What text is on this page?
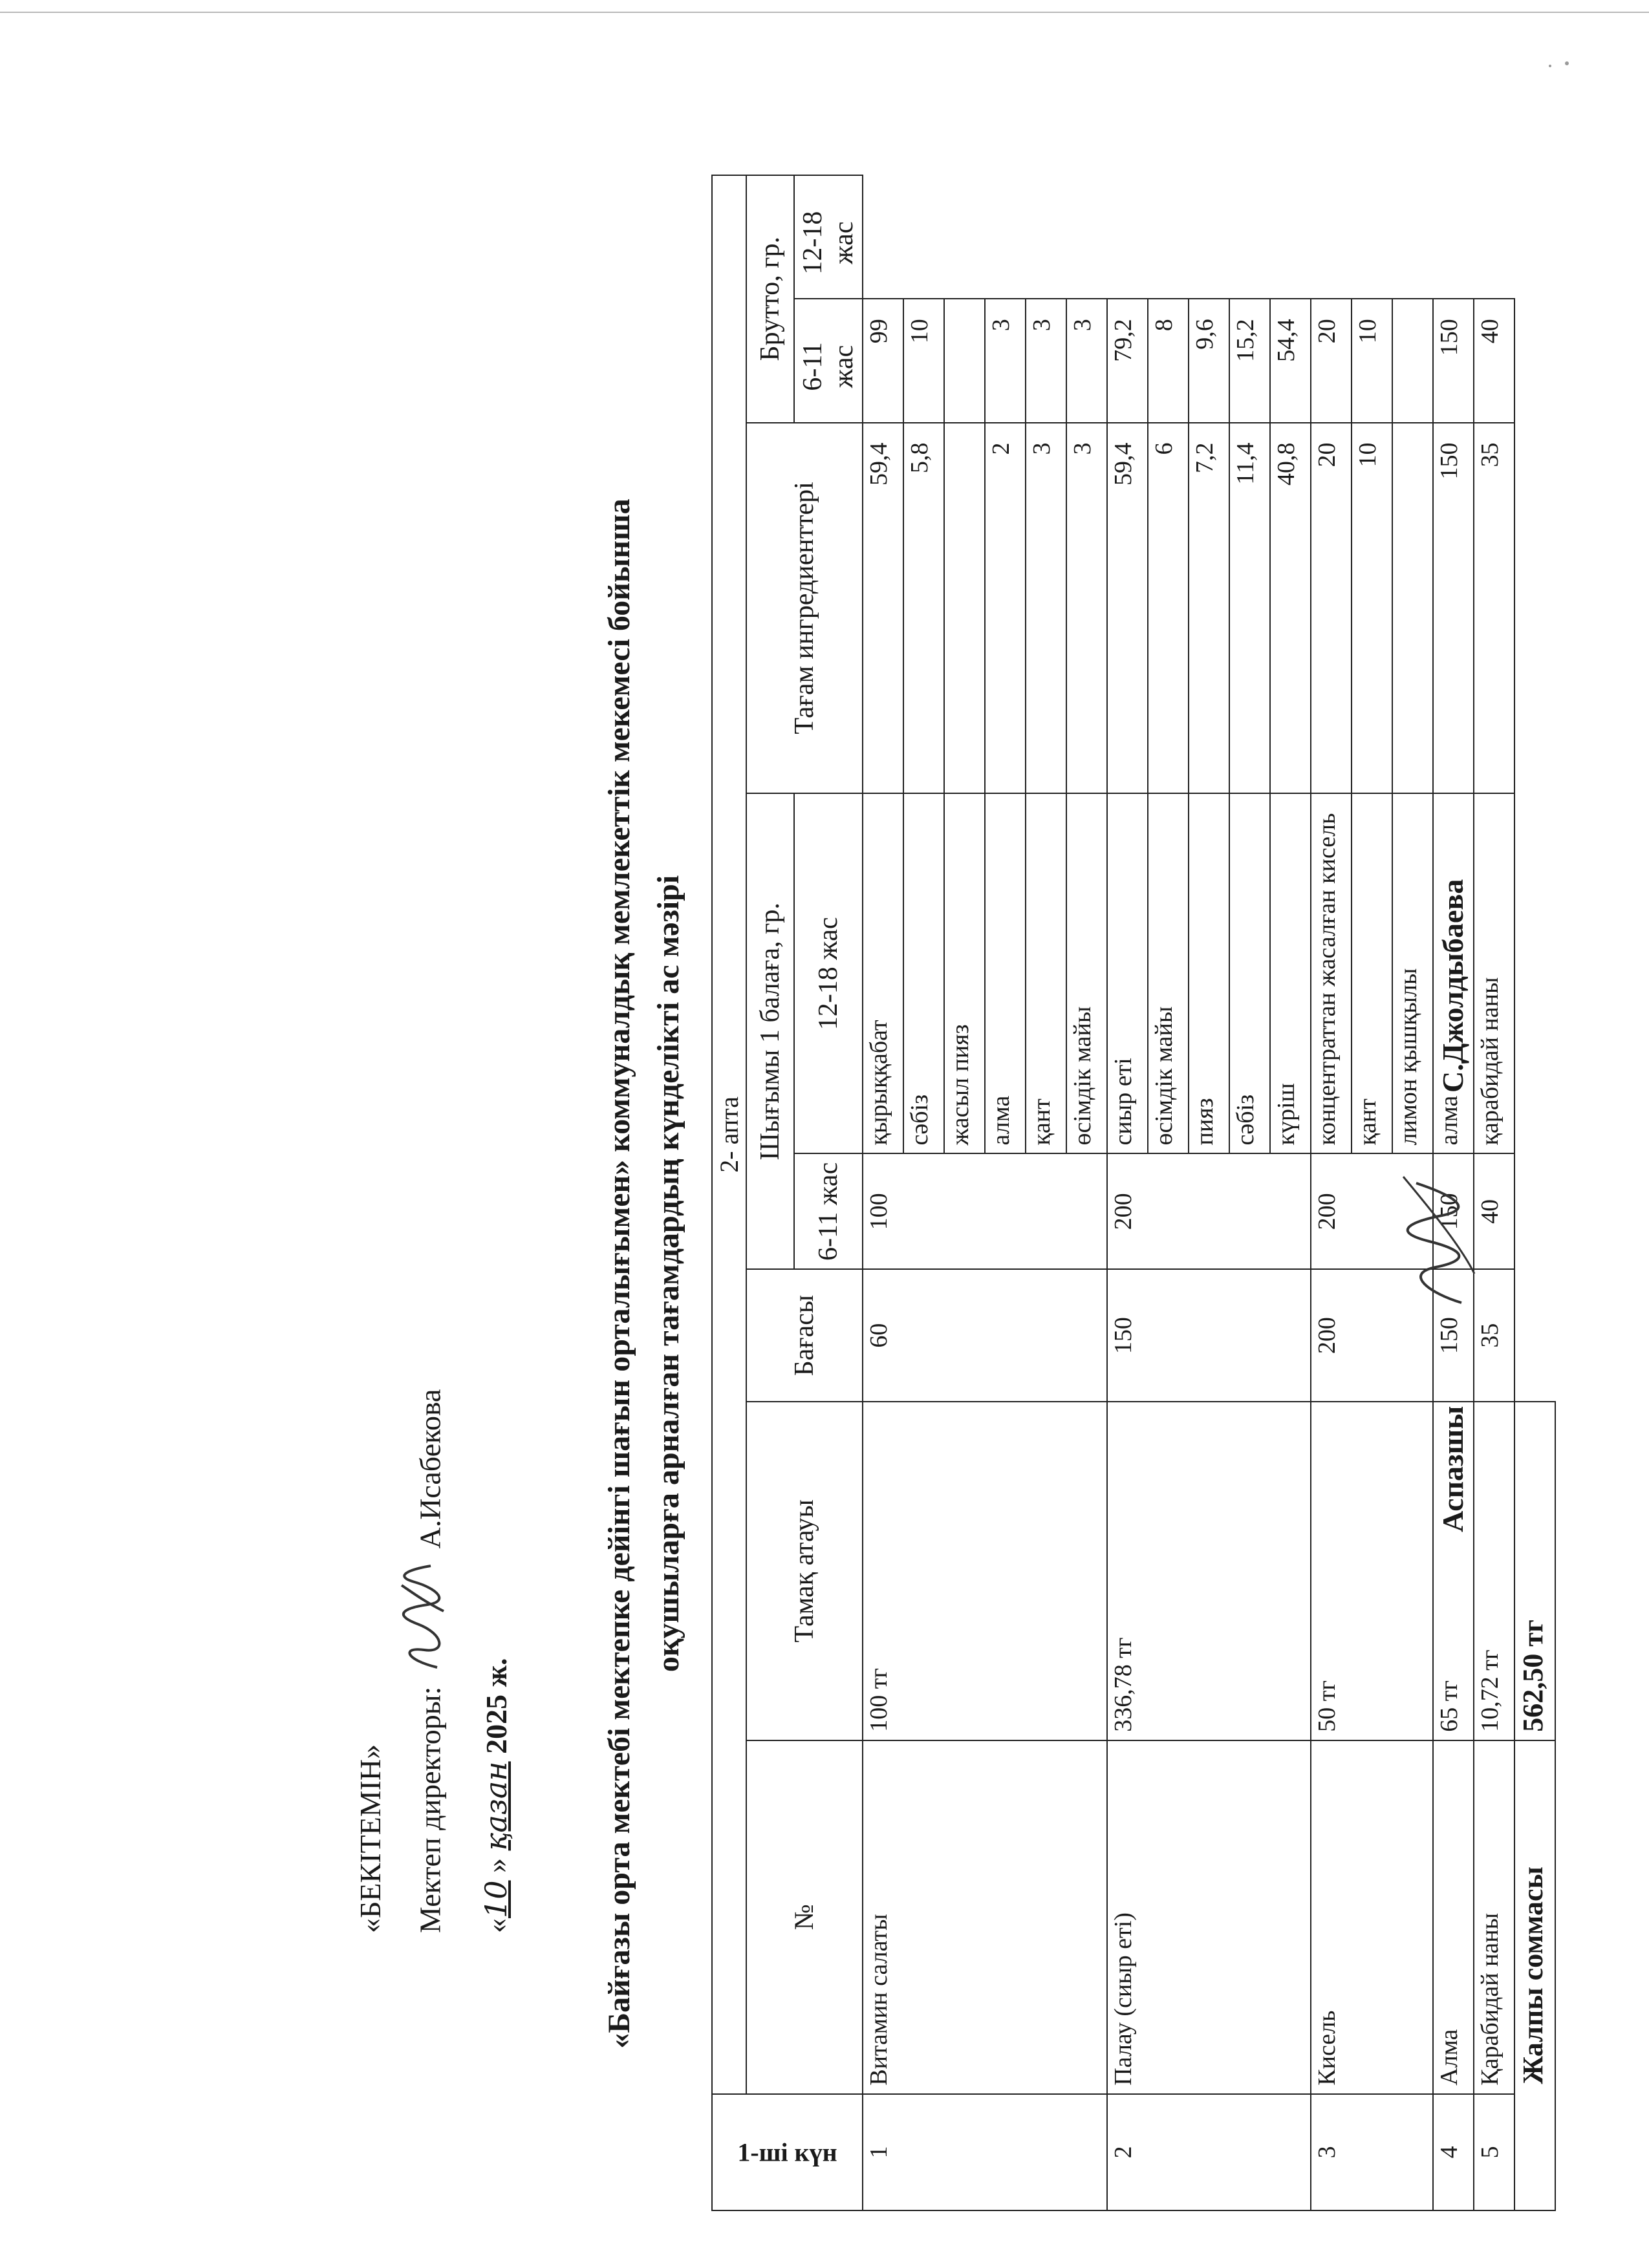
«БЕКІТЕМІН» Мектеп директоры:  А.Исабекова
«10 » қазан 2025 ж.	«Байғазы орта мектебі мектепке дейінгі шағын орталығымен» коммуналдық мемлекеттік мекемесі бойынша оқушыларға арналған тағамдардың күнделікті ас мәзірі
1-ші күн	2- апта							
	№	Тамақ атауы	Бағасы	Шығымы 1 балаға, гр.		Тағам ингредиенттері	Брутто, гр.	
				6-11 жас	12-18 жас		6-11 жас	12-18 жас
1	Витамин салаты	100 тг	60	100	қырыққабат	59,4	99	
					сәбіз	5,8	10	
					жасыл пияз			
					алма	2	3	
					қант	3	3	
					өсімдік майы	3	3	
2	Палау (сиыр еті)	336,78 тг	150	200	сиыр еті	59,4	79,2	
					өсімдік майы	6	8	
					пияз	7,2	9,6	
					сәбіз	11,4	15,2	
					күріш	40,8	54,4	
3	Кисель	50 тг	200	200	концентраттан жасалған кисель	20	20	
					қант	10	10	
					лимон қышқылы			
4	Алма	65 тг	150	150	алма	150	150	
5	Қарабидай наны	10,72 тг	35	40	қарабидай наны	35	40	
Жалпы соммасы		562,50 тг						
Аспазшы
С.Джолдыбаева
